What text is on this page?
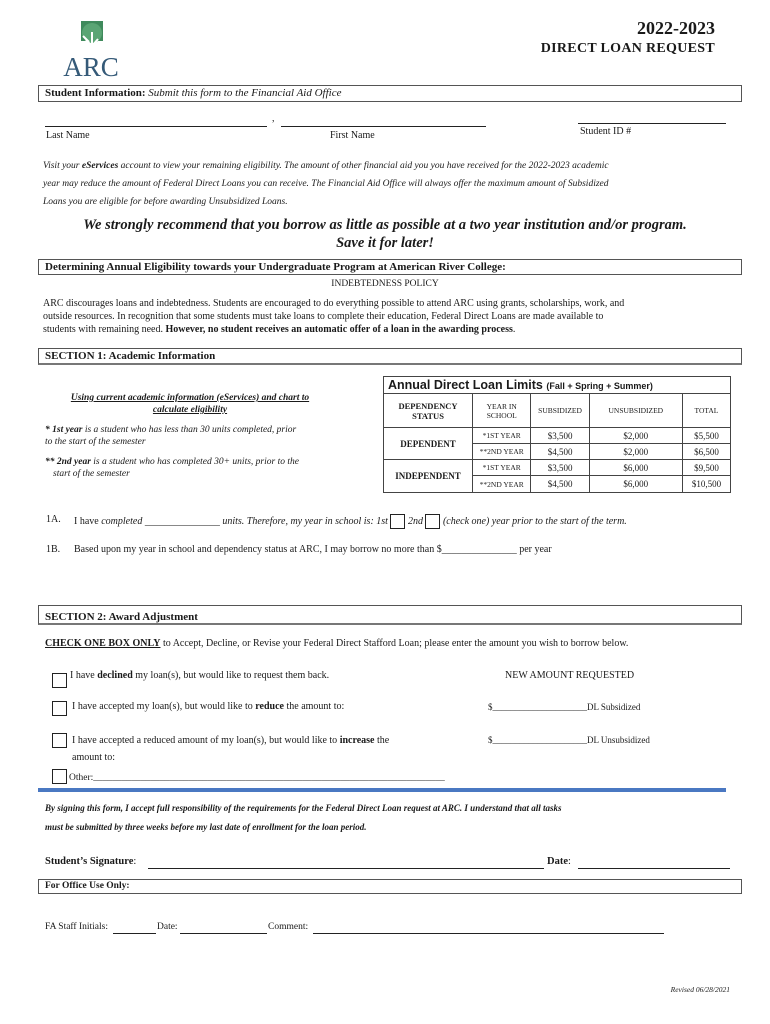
ARC
2022-2023
DIRECT LOAN REQUEST
Student Information: Submit this form to the Financial Aid Office
,
Last Name	First Name	Student ID #
Visit your eServices account to view your remaining eligibility. The amount of other financial aid you you have received for the 2022-2023 academic
year may reduce the amount of Federal Direct Loans you can receive. The Financial Aid Office will always offer the maximum amount of Subsidized
Loans you are eligible for before awarding Unsubsidized Loans.
We strongly recommend that you borrow as little as possible at a two year institution and/or program.
Save it for later!
Determining Annual Eligibility towards your Undergraduate Program at American River College:
INDEBTEDNESS POLICY
ARC discourages loans and indebtedness. Students are encouraged to do everything possible to attend ARC using grants, scholarships, work, and
outside resources. In recognition that some students must take loans to complete their education, Federal Direct Loans are made available to
students with remaining need. However, no student receives an automatic offer of a loan in the awarding process.
SECTION 1: Academic Information
Using current academic information (eServices) and chart to
calculate eligibility
* 1st year is a student who has less than 30 units completed, prior
to the start of the semester
** 2nd year is a student who has completed 30+ units, prior to the
start of the semester
Annual Direct Loan Limits (Fall + Spring + Summer)
DEPENDENCY STATUS	YEAR IN SCHOOL	SUBSIDIZED	UNSUBSIDIZED	TOTAL
DEPENDENT	*1ST YEAR	$3,500	$2,000	$5,500
	**2ND YEAR	$4,500	$2,000	$6,500
INDEPENDENT	*1ST YEAR	$3,500	$6,000	$9,500
	**2ND YEAR	$4,500	$6,000	$10,500
1A. I have completed _______________ units. Therefore, my year in school is: 1st 2nd (check one) year prior to the start of the term.
1B. Based upon my year in school and dependency status at ARC, I may borrow no more than $_______________ per year
SECTION 2: Award Adjustment
CHECK ONE BOX ONLY to Accept, Decline, or Revise your Federal Direct Stafford Loan; please enter the amount you wish to borrow below.
NEW AMOUNT REQUESTED
I have declined my loan(s), but would like to request them back.
I have accepted my loan(s), but would like to reduce the amount to:	$_____________________DL Subsidized
I have accepted a reduced amount of my loan(s), but would like to increase the
amount to:
$_____________________DL Unsubsidized
Other:__________________________________________________________________________
By signing this form, I accept full responsibility of the requirements for the Federal Direct Loan request at ARC. I understand that all tasks
must be submitted by three weeks before my last date of enrollment for the loan period.
Student’s Signature:	Date:
For Office Use Only:
FA Staff Initials:	Date:	Comment:
Revised 06/28/2021
